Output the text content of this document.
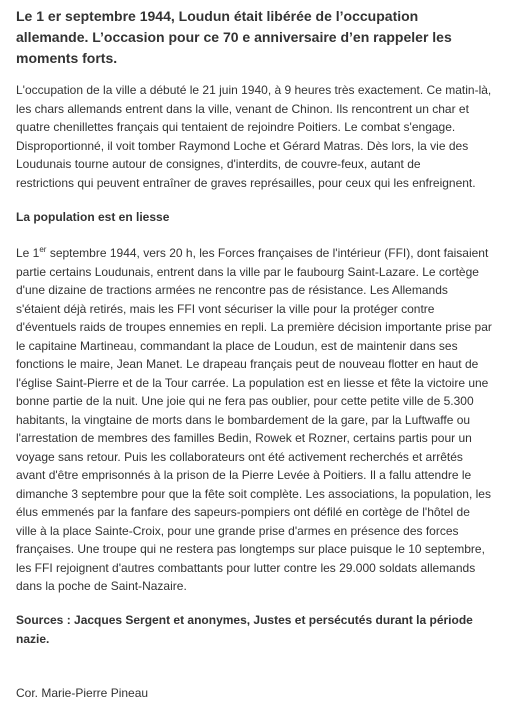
Le 1 er septembre 1944, Loudun était libérée de l’occupation
allemande. L’occasion pour ce 70 e anniversaire d’en rappeler les
moments forts.

L'occupation de la ville a débuté le 21 juin 1940, à 9 heures très exactement. Ce matin-là,
les chars allemands entrent dans la ville, venant de Chinon. Ils rencontrent un char et
quatre chenillettes français qui tentaient de rejoindre Poitiers. Le combat s'engage.
Disproportionné, il voit tomber Raymond Loche et Gérard Matras. Dès lors, la vie des
Loudunais tourne autour de consignes, d'interdits, de couvre-feux, autant de
restrictions qui peuvent entraîner de graves représailles, pour ceux qui les enfreignent.

La population est en liesse

Le 1er septembre 1944, vers 20 h, les Forces françaises de l'intérieur (FFI), dont faisaient
partie certains Loudunais, entrent dans la ville par le faubourg Saint-Lazare. Le cortège
d'une dizaine de tractions armées ne rencontre pas de résistance. Les Allemands
s'étaient déjà retirés, mais les FFI vont sécuriser la ville pour la protéger contre
d'éventuels raids de troupes ennemies en repli. La première décision importante prise par
le capitaine Martineau, commandant la place de Loudun, est de maintenir dans ses
fonctions le maire, Jean Manet. Le drapeau français peut de nouveau flotter en haut de
l'église Saint-Pierre et de la Tour carrée. La population est en liesse et fête la victoire une
bonne partie de la nuit. Une joie qui ne fera pas oublier, pour cette petite ville de 5.300
habitants, la vingtaine de morts dans le bombardement de la gare, par la Luftwaffe ou
l'arrestation de membres des familles Bedin, Rowek et Rozner, certains partis pour un
voyage sans retour. Puis les collaborateurs ont été activement recherchés et arrêtés
avant d'être emprisonnés à la prison de la Pierre Levée à Poitiers. Il a fallu attendre le
dimanche 3 septembre pour que la fête soit complète. Les associations, la population, les
élus emmenés par la fanfare des sapeurs-pompiers ont défilé en cortège de l'hôtel de
ville à la place Sainte-Croix, pour une grande prise d'armes en présence des forces
françaises. Une troupe qui ne restera pas longtemps sur place puisque le 10 septembre,
les FFI rejoignent d'autres combattants pour lutter contre les 29.000 soldats allemands
dans la poche de Saint-Nazaire.

Sources : Jacques Sergent et anonymes, Justes et persécutés durant la période
nazie.

Cor. Marie-Pierre Pineau
